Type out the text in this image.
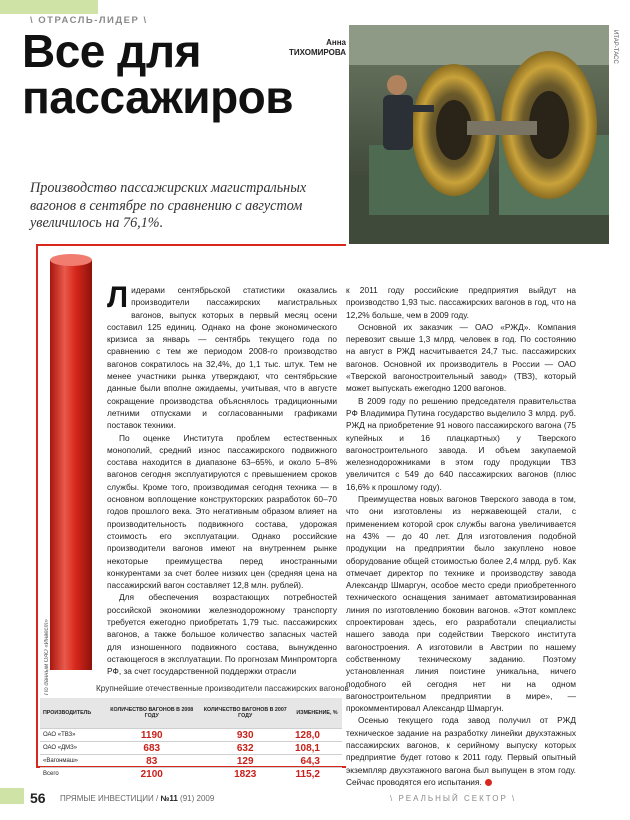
\ ОТРАСЛЬ-ЛИДЕР \
Все для
пассажиров
Анна
ТИХОМИРОВА	ИТАР-ТАСС
Производство пассажирских магистральных вагонов в сентябре по сравнению с августом увеличилось на 76,1%.
По данным ОАО «Инвест»

Лидерами сентябрьской статистики оказались производители пассажирских магистральных вагонов, выпуск которых в первый месяц осени составил 125 единиц. Однако на фоне экономического кризиса за январь — сентябрь текущего года по сравнению с тем же периодом 2008-го производство вагонов сократилось на 32,4%, до 1,1 тыс. штук. Тем не менее участники рынка утверждают, что сентябрьские данные были вполне ожидаемы, учитывая, что в августе сокращение производства объяснялось традиционными летними отпусками и согласованными графиками поставок техники.

По оценке Института проблем естественных монополий, средний износ пассажирского подвижного состава находится в диапазоне 63–65%, и около 5–8% вагонов сегодня эксплуатируются с превышением сроков службы. Кроме того, производимая сегодня техника — в основном воплощение конструкторских разработок 60–70 годов прошлого века. Это негативным образом влияет на производительность подвижного состава, удорожая стоимость его эксплуатации. Однако российские производители вагонов имеют на внутреннем рынке некоторые преимущества перед иностранными конкурентами за счет более низких цен (средняя цена на пассажирский вагон составляет 12,8 млн. рублей).

Для обеспечения возрастающих потребностей российской экономики железнодорожному транспорту требуется ежегодно приобретать 1,79 тыс. пассажирских вагонов, а также большое количество запасных частей для изношенного подвижного состава, вынужденно остающегося в эксплуатации. По прогнозам Минпромторга РФ, за счет государственной поддержки отрасли

к 2011 году российские предприятия выйдут на производство 1,93 тыс. пассажирских вагонов в год, что на 12,2% больше, чем в 2009 году.

Основной их заказчик — ОАО «РЖД». Компания перевозит свыше 1,3 млрд. человек в год. По состоянию на август в РЖД насчитывается 24,7 тыс. пассажирских вагонов. Основной их производитель в России — ОАО «Тверской вагоностроительный завод» (ТВЗ), который может выпускать ежегодно 1200 вагонов.

В 2009 году по решению председателя правительства РФ Владимира Путина государство выделило 3 млрд. руб. РЖД на приобретение 91 нового пассажирского вагона (75 купейных и 16 плацкартных) у Тверского вагоностроительного завода. И объем закупаемой железнодорожниками в этом году продукции ТВЗ увеличится с 549 до 640 пассажирских вагонов (плюс 16,6% к прошлому году).

Преимущества новых вагонов Тверского завода в том, что они изготовлены из нержавеющей стали, с применением которой срок службы вагона увеличивается на 43% — до 40 лет. Для изготовления подобной продукции на предприятии было закуплено новое оборудование общей стоимостью более 2,4 млрд. руб. Как отмечает директор по технике и производству завода Александр Шмаргун, особое место среди приобретенного технического оснащения занимает автоматизированная линия по изготовлению боковин вагонов. «Этот комплекс спроектирован здесь, его разработали специалисты нашего завода при содействии Тверского института вагоностроения. А изготовили в Австрии по нашему собственному техническому заданию. Поэтому установленная линия поистине уникальна, ничего подобного ей сегодня нет ни на одном вагоностроительном предприятии в мире», — прокомментировал Александр Шмаргун.

Осенью текущего года завод получил от РЖД техническое задание на разработку линейки двухэтажных пассажирских вагонов, к серийному выпуску которых предприятие будет готово к 2011 году. Первый опытный экземпляр двухэтажного вагона был выпущен в этом году. Сейчас проводятся его испытания.

Крупнейшие отечественные производители пассажирских вагонов
ПРОИЗВОДИТЕЛЬ	КОЛИЧЕСТВО ВАГОНОВ В 2008 ГОДУ	КОЛИЧЕСТВО ВАГОНОВ В 2007 ГОДУ	ИЗМЕНЕНИЕ, %
ОАО «ТВЗ»	1190	930	128,0
ОАО «ДМЗ»	683	632	108,1
«Вагонмаш»	83	129	64,3
Всего	2100	1823	115,2
56 ПРЯМЫЕ ИНВЕСТИЦИИ / №11 (91) 2009	\ РЕАЛЬНЫЙ СЕКТОР \
